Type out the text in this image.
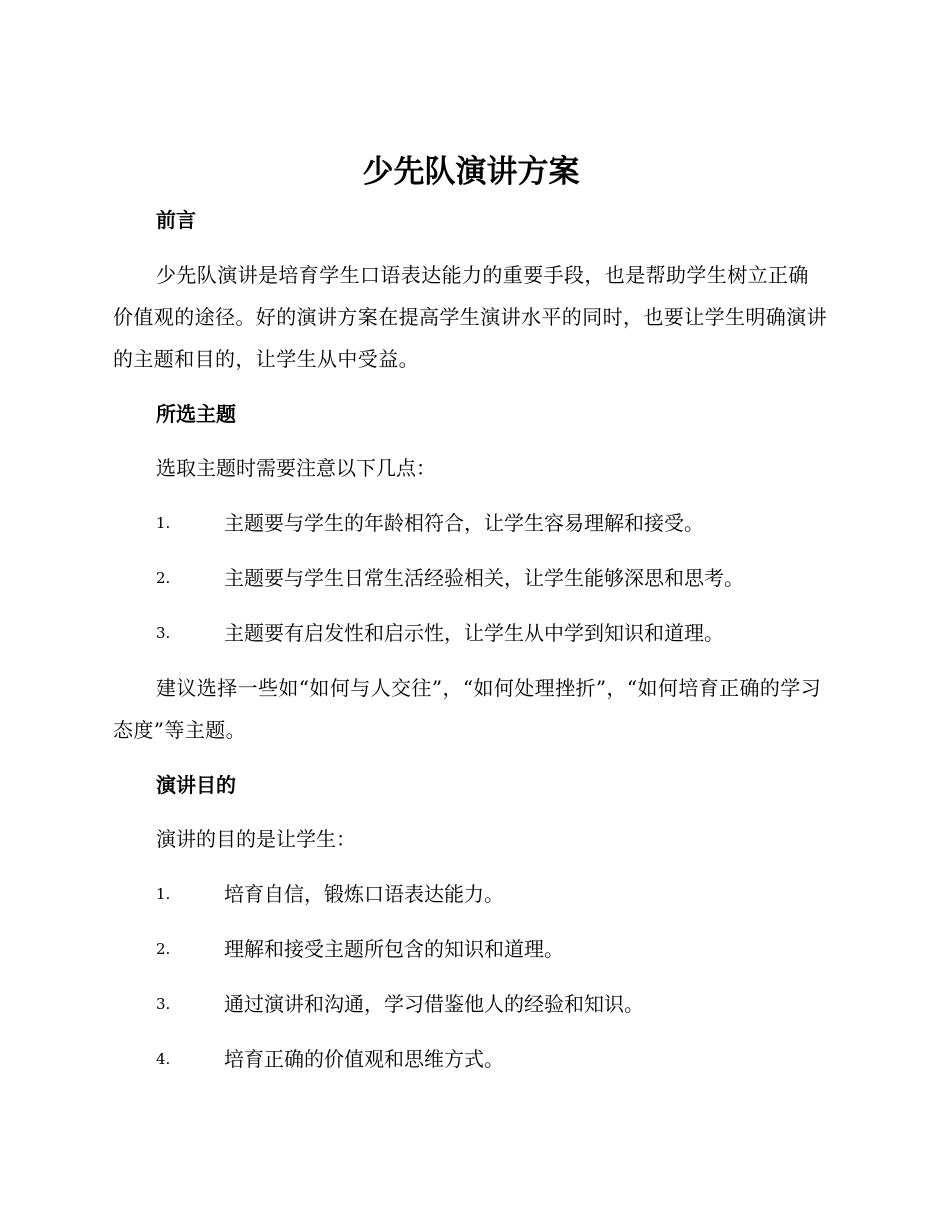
少先队演讲方案
前言

少先队演讲是培育学生口语表达能力的重要手段，也是帮助学生树立正确价值观的途径。好的演讲方案在提高学生演讲水平的同时，也要让学生明确演讲的主题和目的，让学生从中受益。

所选主题

选取主题时需要注意以下几点：

1.	主题要与学生的年龄相符合，让学生容易理解和接受。
2.	主题要与学生日常生活经验相关，让学生能够深思和思考。
3.	主题要有启发性和启示性，让学生从中学到知识和道理。

建议选择一些如“如何与人交往”，“如何处理挫折”，“如何培育正确的学习态度”等主题。

演讲目的

演讲的目的是让学生：

1.	培育自信，锻炼口语表达能力。
2.	理解和接受主题所包含的知识和道理。
3.	通过演讲和沟通，学习借鉴他人的经验和知识。
4.	培育正确的价值观和思维方式。
